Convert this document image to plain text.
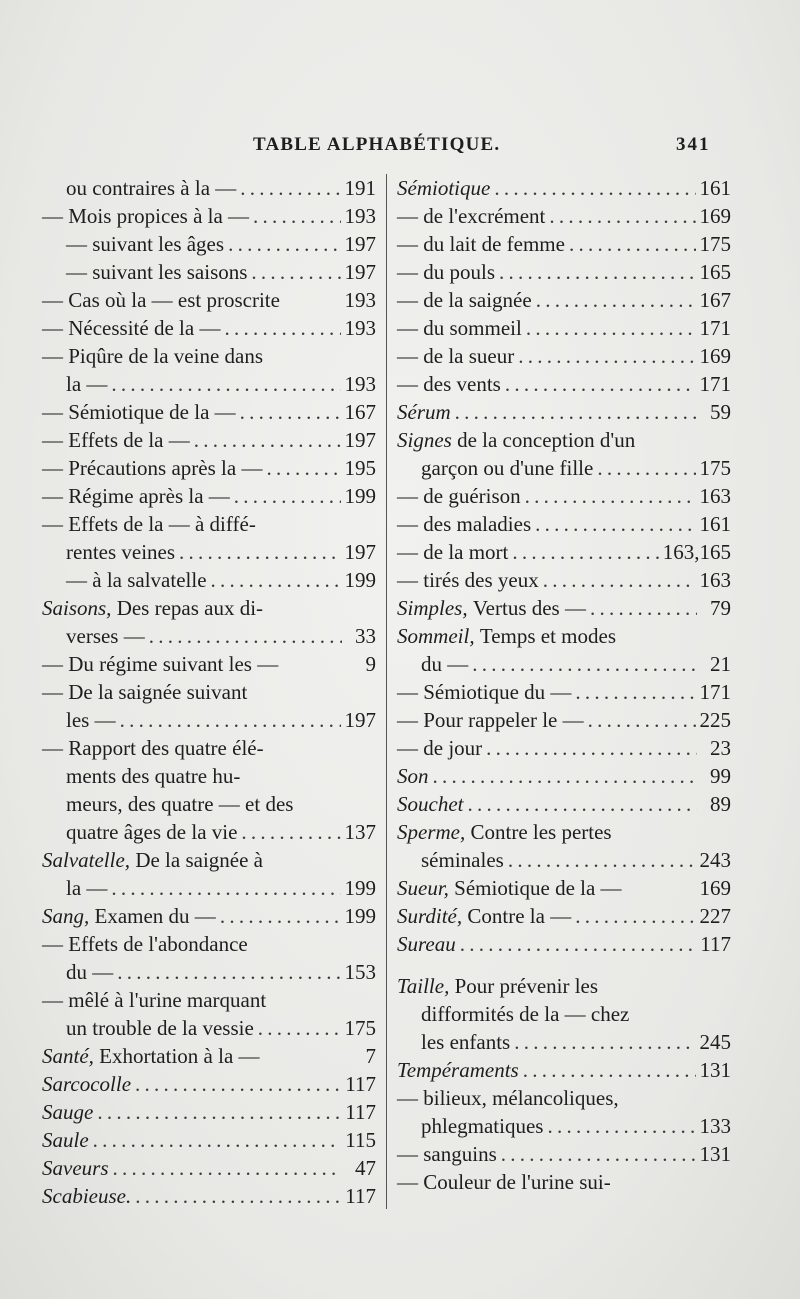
TABLE ALPHABÉTIQUE.	341
ou contraires à la — . . .	191
— Mois propices à la — . . .	193
— suivant les âges . . .	197
— suivant les saisons . . .	197
— Cas où la — est proscrite	193
— Nécessité de la — . . .	193
— Piqûre de la veine dans
la — . . .	193
— Sémiotique de la — . . .	167
— Effets de la — . . .	197
— Précautions après la — . . .	195
— Régime après la — . . .	199
— Effets de la — à diffé-
rentes veines . . .	197
— à la salvatelle . . .	199
Saisons,
Des repas aux di-
verses — . . .	33
— Du régime suivant les —	9
— De la saignée suivant
les — . . .	197
— Rapport des quatre élé-
ments des quatre hu-
meurs, des quatre — et des
quatre âges de la vie . . .	137
Salvatelle,
De la saignée à
la — . . .	199
Sang,
Examen du — . . .	199
— Effets de l'abondance
du — . . .	153
— mêlé à l'urine marquant
un trouble de la vessie . . .	175
Santé,
Exhortation à la —	7
Sarcocolle . . .	117
Sauge . . .	117
Saule . . .	115
Saveurs . . .	47
Scabieuse. . . .	117
Sémiotique . . .	161
— de l'excrément . . .	169
— du lait de femme . . .	175
— du pouls . . .	165
— de la saignée . . .	167
— du sommeil . . .	171
— de la sueur . . .	169
— des vents . . .	171
Sérum . . .	59
Signes
de la conception d'un
garçon ou d'une fille . . .	175
— de guérison . . .	163
— des maladies . . .	161
— de la mort . . .	163,165
— tirés des yeux . . .	163
Simples,
Vertus des — . . .	79
Sommeil,
Temps et modes
du — . . .	21
— Sémiotique du — . . .	171
— Pour rappeler le — . . .	225
— de jour . . .	23
Son . . .	99
Souchet . . .	89
Sperme,
Contre les pertes
séminales . . .	243
Sueur,
Sémiotique de la —	169
Surdité,
Contre la — . . .	227
Sureau . . .	117
Taille,
Pour prévenir les
difformités de la — chez
les enfants . . .	245
Tempéraments . . .	131
— bilieux, mélancoliques,
phlegmatiques . . .	133
— sanguins . . .	131
— Couleur de l'urine sui-
